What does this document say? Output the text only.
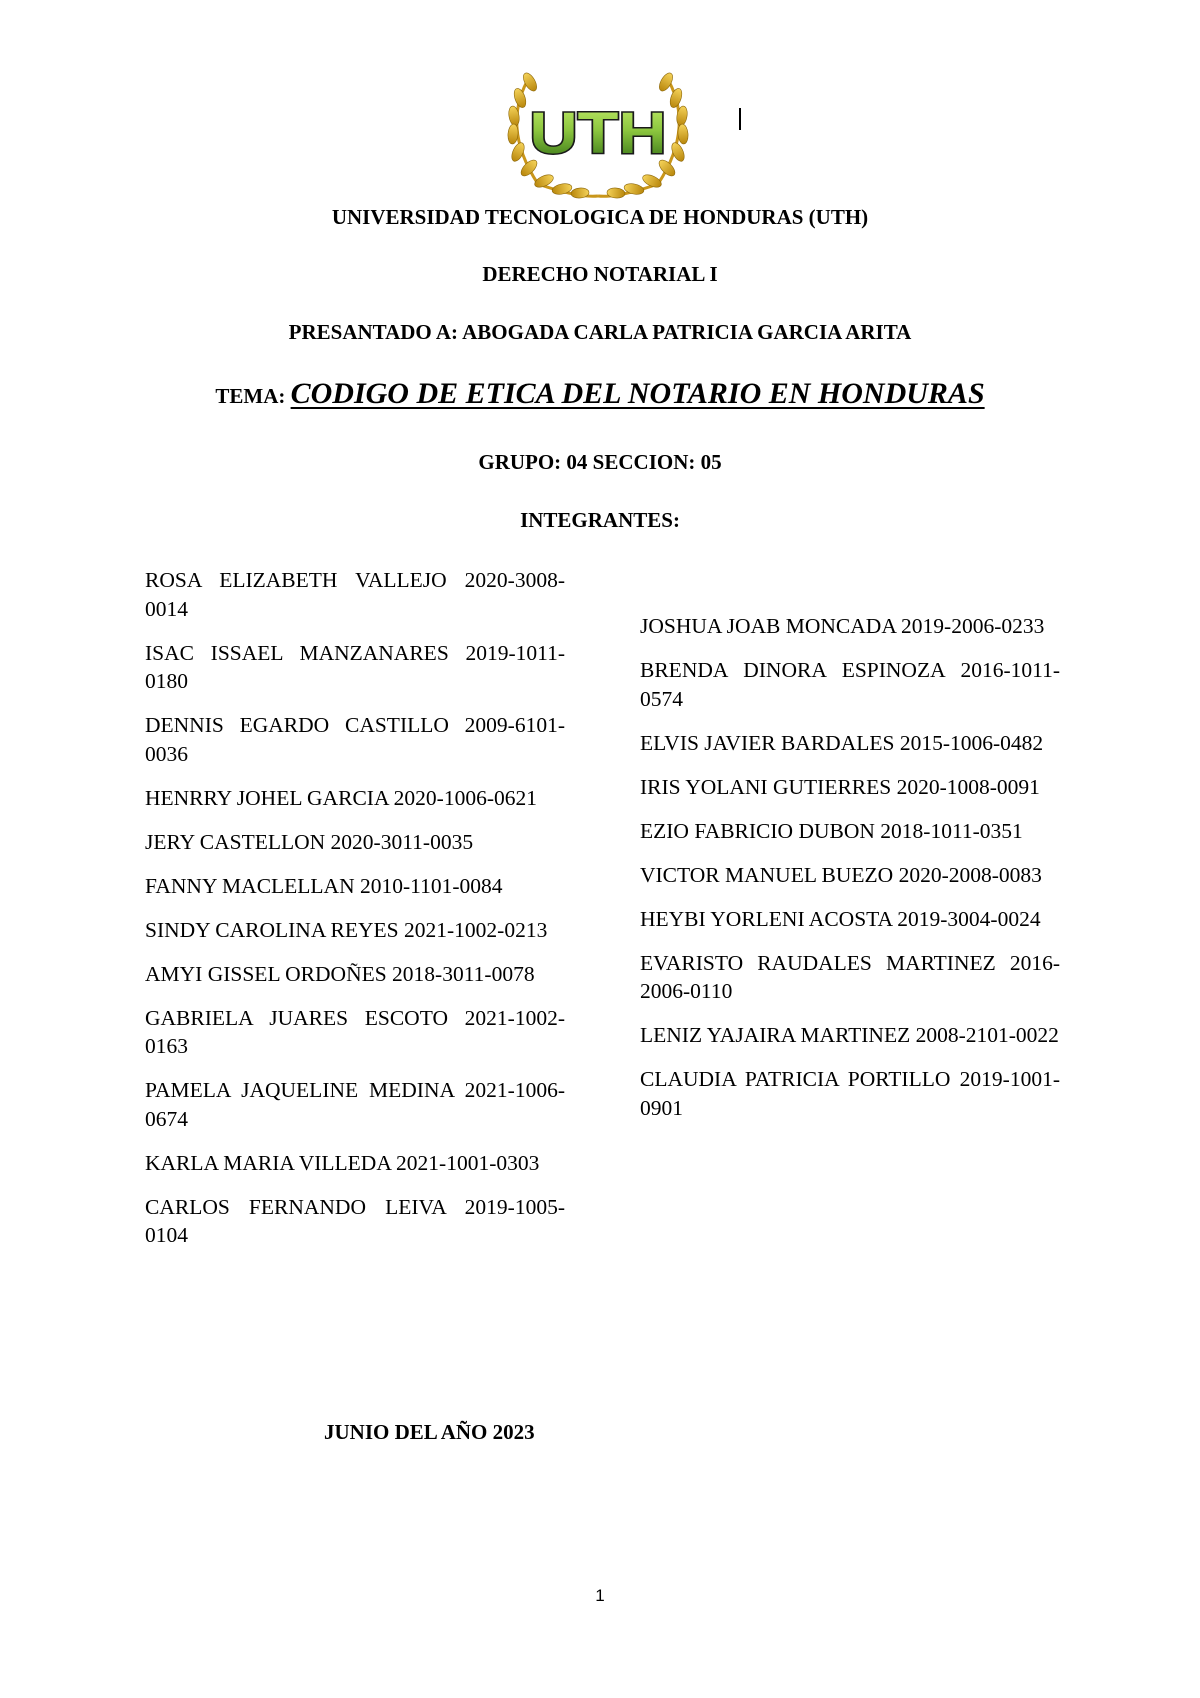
UTH
UNIVERSIDAD TECNOLOGICA DE HONDURAS (UTH)
DERECHO NOTARIAL I
PRESANTADO A: ABOGADA CARLA PATRICIA GARCIA ARITA
TEMA: CODIGO DE ETICA DEL NOTARIO EN HONDURAS
GRUPO: 04 SECCION: 05
INTEGRANTES:

ROSA ELIZABETH VALLEJO 2020-3008-0014

ISAC ISSAEL MANZANARES 2019-1011-0180

DENNIS EGARDO CASTILLO 2009-6101-0036

HENRRY JOHEL GARCIA 2020-1006-0621

JERY CASTELLON 2020-3011-0035

FANNY MACLELLAN 2010-1101-0084

SINDY CAROLINA REYES 2021-1002-0213

AMYI GISSEL ORDOÑES 2018-3011-0078

GABRIELA JUARES ESCOTO 2021-1002-0163

PAMELA JAQUELINE MEDINA 2021-1006-0674

KARLA MARIA VILLEDA 2021-1001-0303

CARLOS FERNANDO LEIVA 2019-1005-0104

JOSHUA JOAB MONCADA 2019-2006-0233

BRENDA DINORA ESPINOZA 2016-1011-0574

ELVIS JAVIER BARDALES 2015-1006-0482

IRIS YOLANI GUTIERRES 2020-1008-0091

EZIO FABRICIO DUBON 2018-1011-0351

VICTOR MANUEL BUEZO 2020-2008-0083

HEYBI YORLENI ACOSTA 2019-3004-0024

EVARISTO RAUDALES MARTINEZ 2016-2006-0110

LENIZ YAJAIRA MARTINEZ 2008-2101-0022

CLAUDIA PATRICIA PORTILLO 2019-1001-0901

JUNIO DEL AÑO 2023
1
